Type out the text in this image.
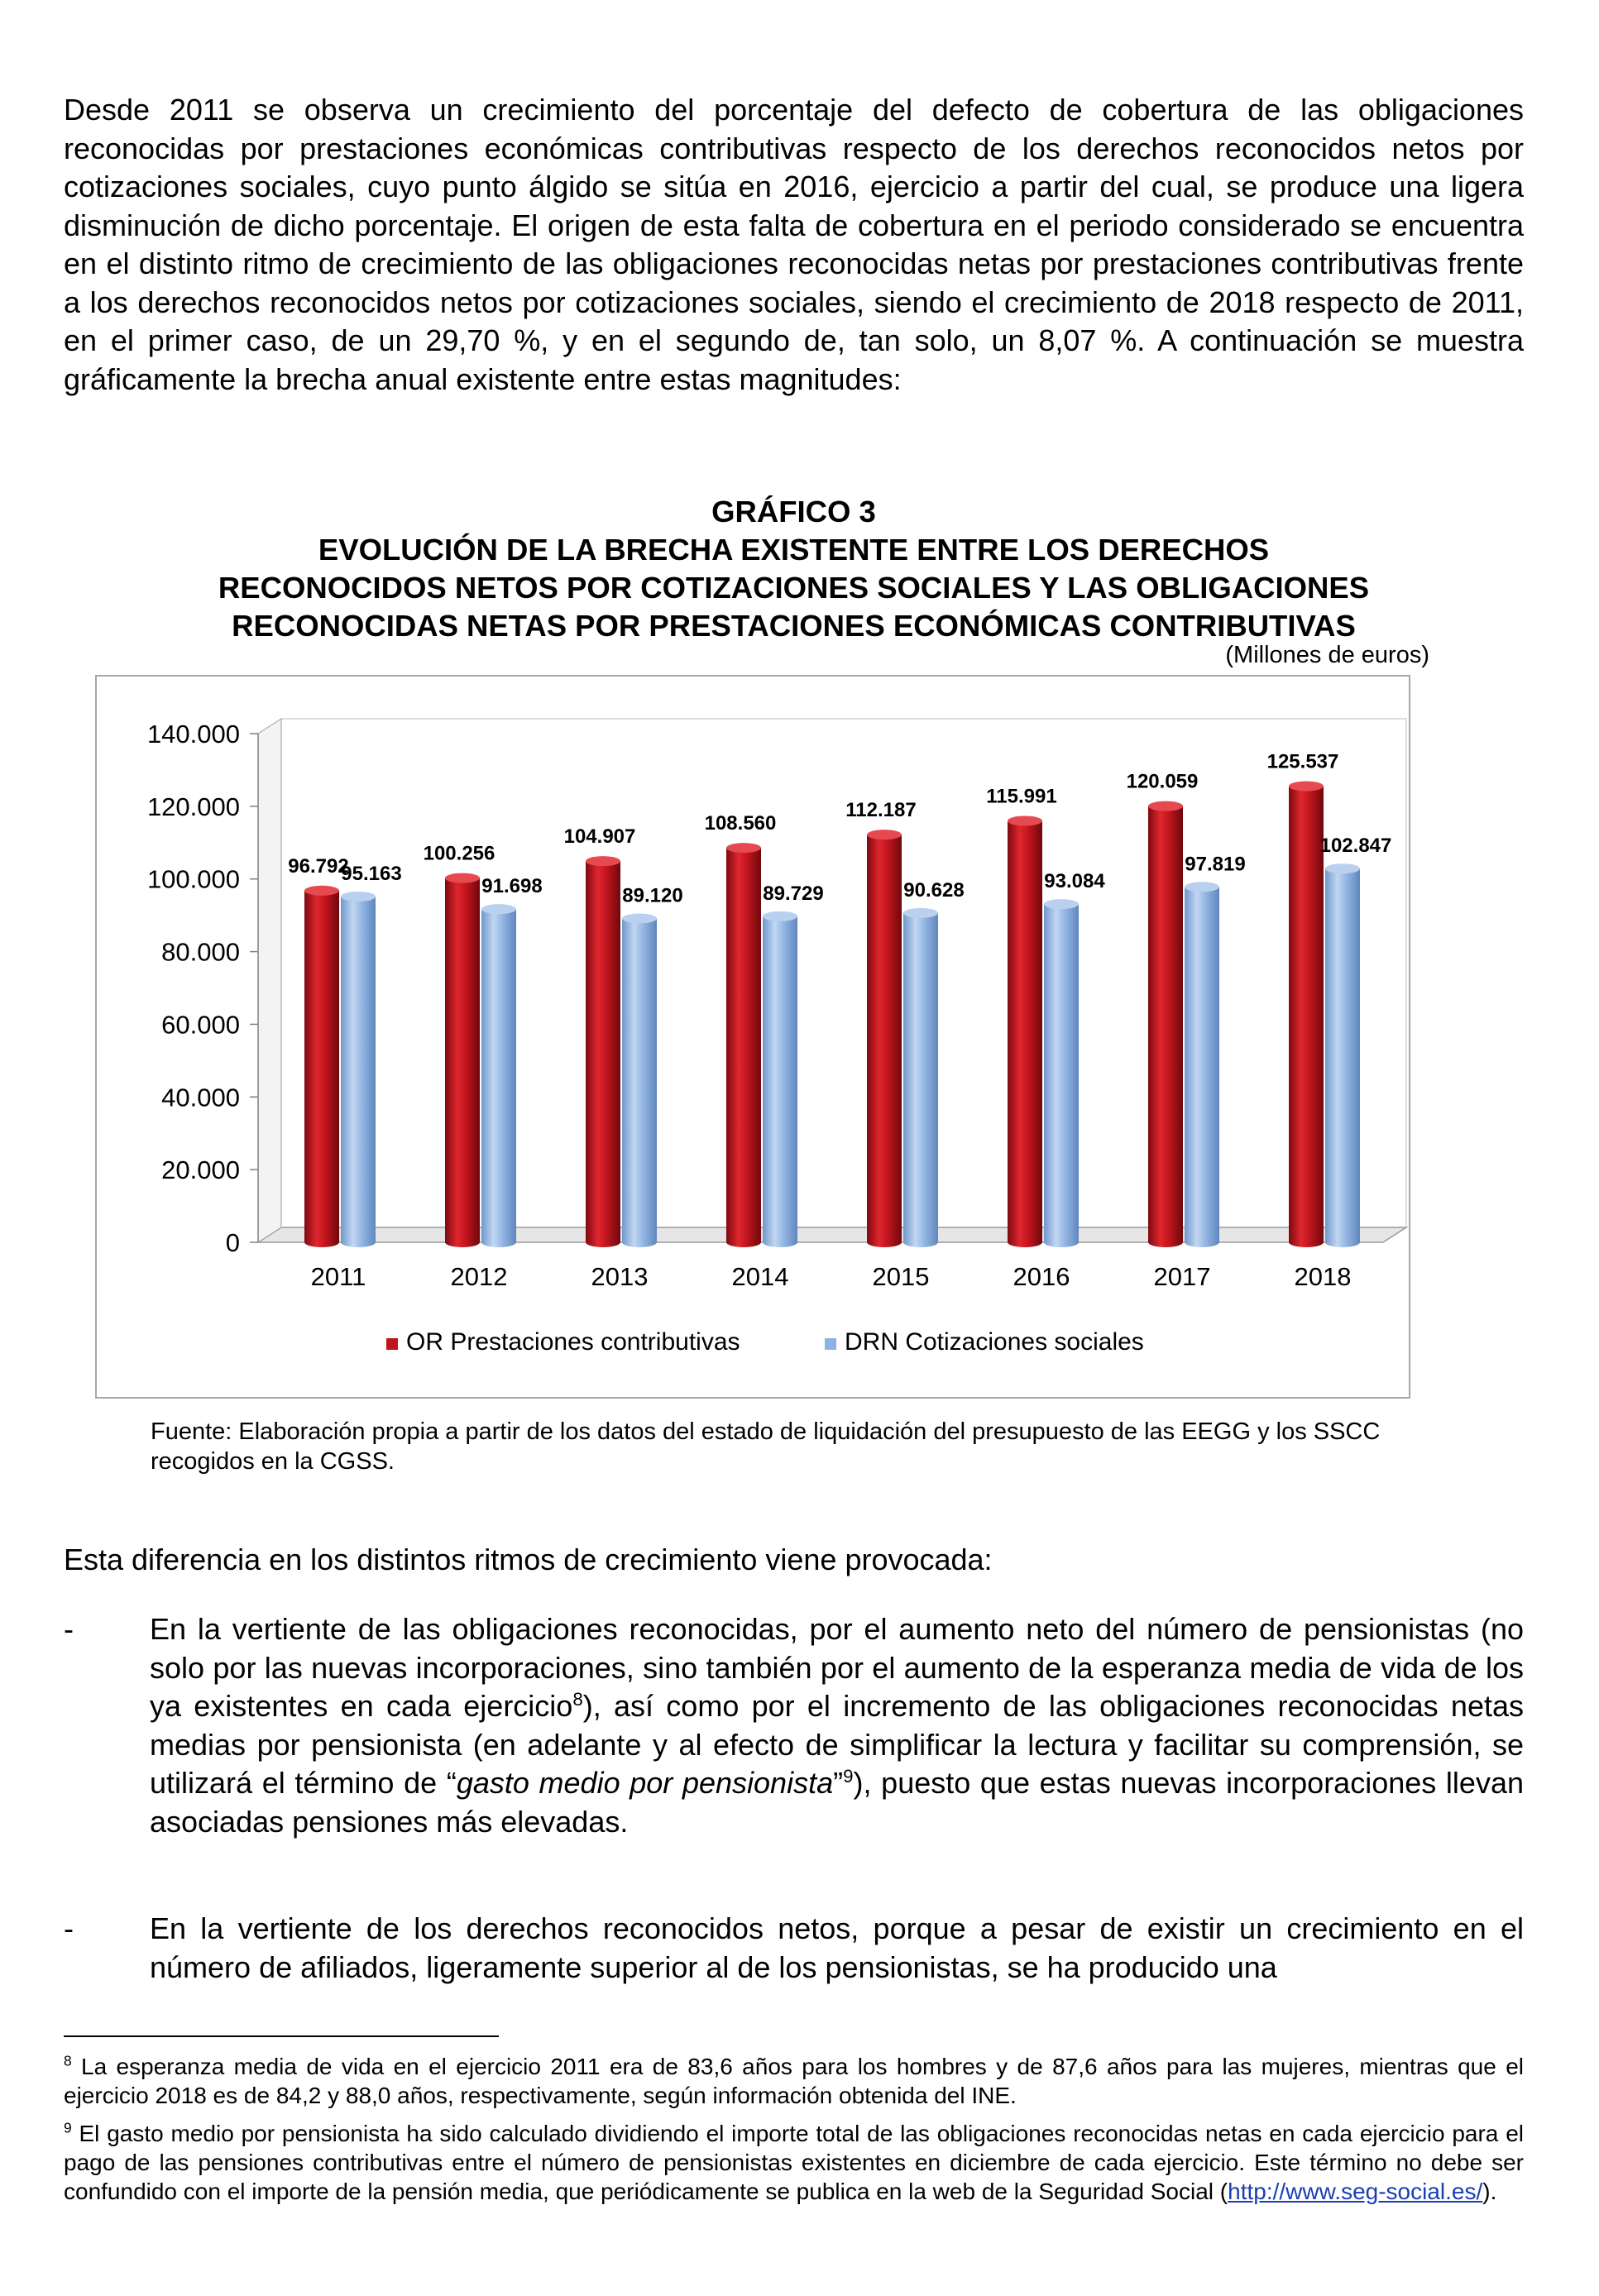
Desde 2011 se observa un crecimiento del porcentaje del defecto de cobertura de las obligaciones reconocidas por prestaciones económicas contributivas respecto de los derechos reconocidos netos por cotizaciones sociales, cuyo punto álgido se sitúa en 2016, ejercicio a partir del cual, se produce una ligera disminución de dicho porcentaje. El origen de esta falta de cobertura en el periodo considerado se encuentra en el distinto ritmo de crecimiento de las obligaciones reconocidas netas por prestaciones contributivas frente a los derechos reconocidos netos por cotizaciones sociales, siendo el crecimiento de 2018 respecto de 2011, en el primer caso, de un 29,70 %, y en el segundo de, tan solo, un 8,07 %. A continuación se muestra gráficamente la brecha anual existente entre estas magnitudes:

GRÁFICO 3
EVOLUCIÓN DE LA BRECHA EXISTENTE ENTRE LOS DERECHOS
RECONOCIDOS NETOS POR COTIZACIONES SOCIALES Y LAS OBLIGACIONES
RECONOCIDAS NETAS POR PRESTACIONES ECONÓMICAS CONTRIBUTIVAS
(Millones de euros)
0
20.000
40.000
60.000
80.000
100.000
120.000
140.000
96.792
95.163
2011
100.256
91.698
2012
104.907
89.120
2013
108.560
89.729
2014
112.187
90.628
2015
115.991
93.084
2016
120.059
97.819
2017
125.537
102.847
2018
OR Prestaciones contributivas	DRN Cotizaciones sociales
Fuente: Elaboración propia a partir de los datos del estado de liquidación del presupuesto de las EEGG y los SSCC recogidos en la CGSS.

Esta diferencia en los distintos ritmos de crecimiento viene provocada:

-	En la vertiente de las obligaciones reconocidas, por el aumento neto del número de pensionistas (no solo por las nuevas incorporaciones, sino también por el aumento de la esperanza media de vida de los ya existentes en cada ejercicio$^8$), así como por el incremento de las obligaciones reconocidas netas medias por pensionista (en adelante y al efecto de simplificar la lectura y facilitar su comprensión, se utilizará el término de “gasto medio por pensionista”$^9$), puesto que estas nuevas incorporaciones llevan asociadas pensiones más elevadas.
-	En la vertiente de los derechos reconocidos netos, porque a pesar de existir un crecimiento en el número de afiliados, ligeramente superior al de los pensionistas, se ha producido una
$^8$ La esperanza media de vida en el ejercicio 2011 era de 83,6 años para los hombres y de 87,6 años para las mujeres, mientras que el ejercicio 2018 es de 84,2 y 88,0 años, respectivamente, según información obtenida del INE.
$^9$ El gasto medio por pensionista ha sido calculado dividiendo el importe total de las obligaciones reconocidas netas en cada ejercicio para el pago de las pensiones contributivas entre el número de pensionistas existentes en diciembre de cada ejercicio. Este término no debe ser confundido con el importe de la pensión media, que periódicamente se publica en la web de la Seguridad Social (http://www.seg-social.es/).
